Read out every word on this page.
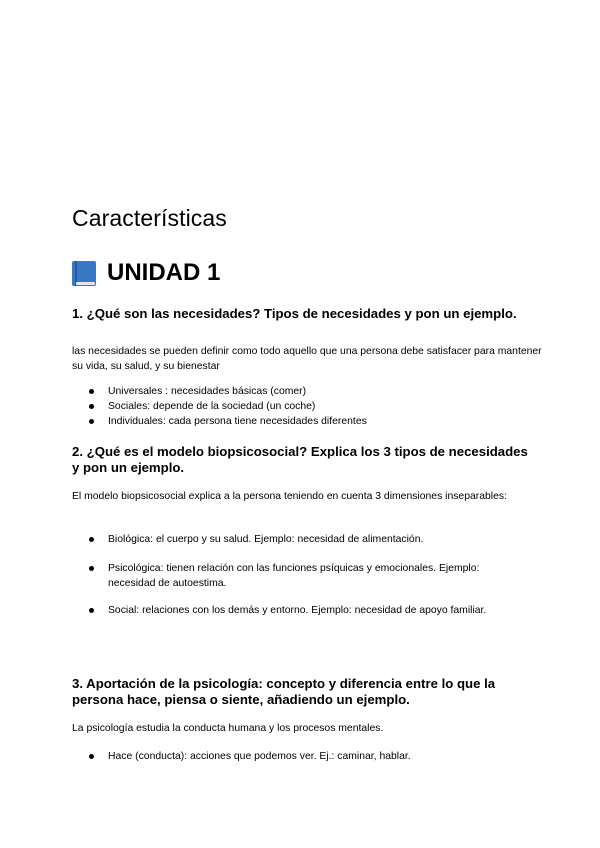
Características
UNIDAD 1
1. ¿Qué son las necesidades? Tipos de necesidades y pon un ejemplo.
las necesidades se pueden definir como todo aquello que una persona debe satisfacer para mantener su vida, su salud, y su bienestar
Universales : necesidades básicas (comer)
Sociales: depende de la sociedad (un coche)
Individuales: cada persona tiene necesidades diferentes
2. ¿Qué es el modelo biopsicosocial? Explica los 3 tipos de necesidades y pon un ejemplo.
El modelo biopsicosocial explica a la persona teniendo en cuenta 3 dimensiones inseparables:
Biológica: el cuerpo y su salud. Ejemplo: necesidad de alimentación.
Psicológica: tienen relación con las funciones psíquicas y emocionales. Ejemplo: necesidad de autoestima.
Social: relaciones con los demás y entorno. Ejemplo: necesidad de apoyo familiar.
3. Aportación de la psicología: concepto y diferencia entre lo que la persona hace, piensa o siente, añadiendo un ejemplo.
La psicología estudia la conducta humana y los procesos mentales.
Hace (conducta): acciones que podemos ver. Ej.: caminar, hablar.
